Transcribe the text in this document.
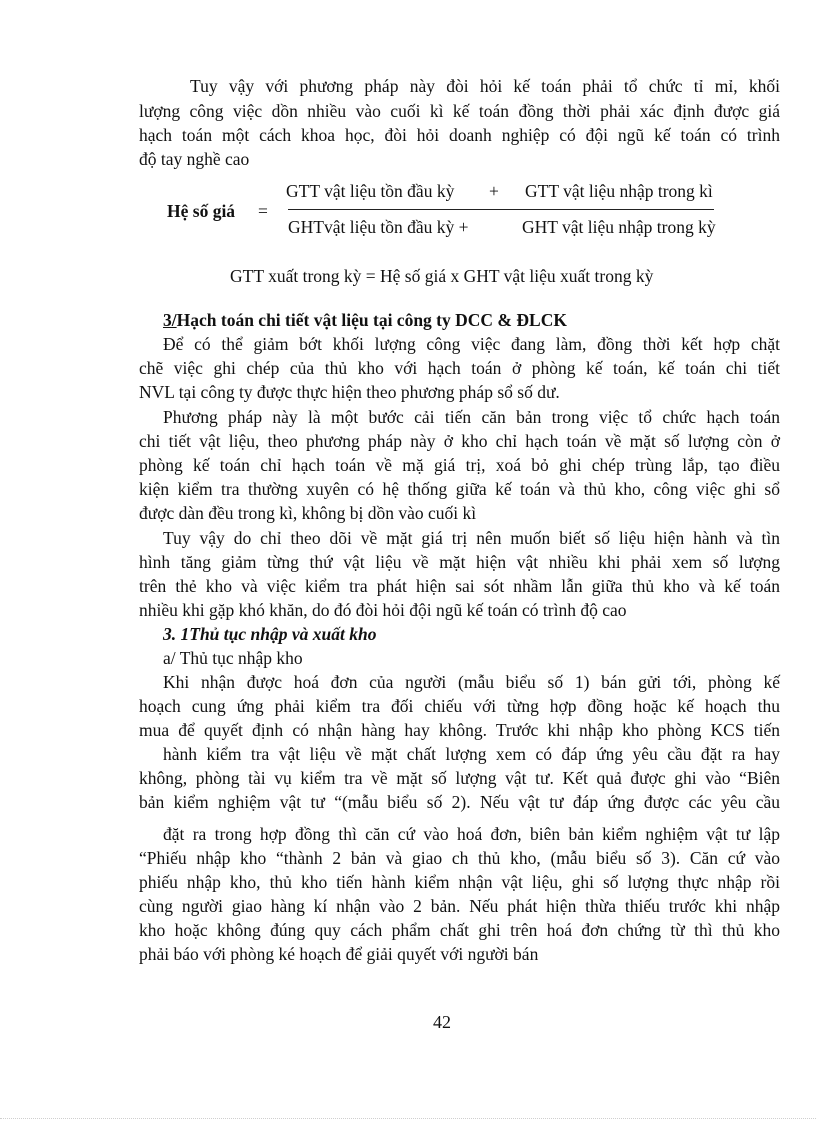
Tuy vậy với phương pháp này đòi hỏi kế toán phải tổ chức tỉ mỉ, khối
lượng công việc dồn nhiều vào cuối kì kế toán đồng thời phải xác định được giá
hạch toán một cách khoa học, đòi hỏi doanh nghiệp có đội ngũ kế toán có trình
độ tay nghề cao
Hệ số giá =
GTT vật liệu tồn đầu kỳ + GTT vật liệu nhập trong kì
GHTvật liệu tồn đầu kỳ +	GHT vật liệu nhập trong kỳ
GTT xuất trong kỳ = Hệ số giá x GHT vật liệu xuất trong kỳ
3/Hạch toán chi tiết vật liệu tại công ty DCC & ĐLCK
Để có thể giảm bớt khối lượng công việc đang làm, đồng thời kết hợp chặt
chẽ việc ghi chép của thủ kho với hạch toán ở phòng kế toán, kế toán chi tiết
NVL tại công ty được thực hiện theo phương pháp sổ số dư.
Phương pháp này là một bước cải tiến căn bản trong việc tổ chức hạch toán
chi tiết vật liệu, theo phương pháp này ở kho chỉ hạch toán về mặt số lượng còn ở
phòng kế toán chỉ hạch toán về mặ giá trị, xoá bỏ ghi chép trùng lắp, tạo điều
kiện kiểm tra thường xuyên có hệ thống giữa kế toán và thủ kho, công việc ghi sổ
được dàn đều trong kì, không bị dồn vào cuối kì
Tuy vậy do chỉ theo dõi về mặt giá trị nên muốn biết số liệu hiện hành và tìn
hình tăng giảm từng thứ vật liệu về mặt hiện vật nhiều khi phải xem số lượng
trên thẻ kho và việc kiểm tra phát hiện sai sót nhầm lẫn giữa thủ kho và kế toán
nhiều khi gặp khó khăn, do đó đòi hỏi đội ngũ kế toán có trình độ cao
3. 1Thủ tục nhập và xuất kho
a/ Thủ tục nhập kho
Khi nhận được hoá đơn của người (mẫu biểu số 1) bán gửi tới, phòng kế
hoạch cung ứng phải kiểm tra đối chiếu với từng hợp đồng hoặc kế hoạch thu
mua để quyết định có nhận hàng hay không. Trước khi nhập kho phòng KCS tiến
hành kiểm tra vật liệu về mặt chất lượng xem có đáp ứng yêu cầu đặt ra hay
không, phòng tài vụ kiểm tra về mặt số lượng vật tư. Kết quả được ghi vào “Biên
bản kiểm nghiệm vật tư “(mẫu biểu số 2). Nếu vật tư đáp ứng được các yêu cầu
đặt ra trong hợp đồng thì căn cứ vào hoá đơn, biên bản kiểm nghiệm vật tư lập
“Phiếu nhập kho “thành 2 bản và giao ch thủ kho, (mẫu biểu số 3). Căn cứ vào
phiếu nhập kho, thủ kho tiến hành kiểm nhận vật liệu, ghi số lượng thực nhập rồi
cùng người giao hàng kí nhận vào 2 bản. Nếu phát hiện thừa thiếu trước khi nhập
kho hoặc không đúng quy cách phẩm chất ghi trên hoá đơn chứng từ thì thủ kho
phải báo với phòng ké hoạch để giải quyết với người bán
42
